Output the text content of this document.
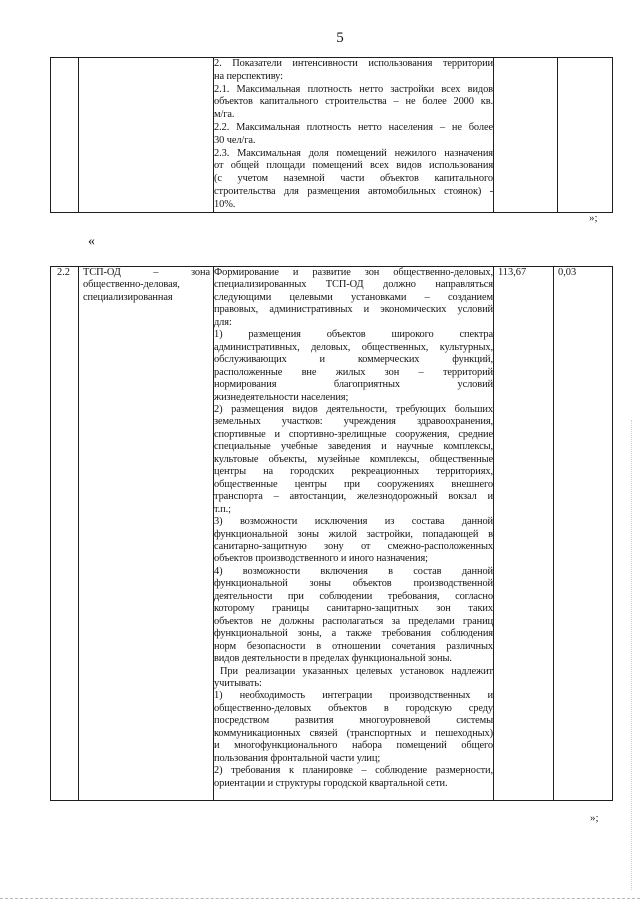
5

2. Показатели интенсивности использования территории
на перспективу:
2.1. Максимальная плотность нетто застройки всех видов
объектов капитального строительства – не более 2000 кв.
м/га.
2.2. Максимальная плотность нетто населения – не более
30 чел/га.
2.3. Максимальная доля помещений нежилого назначения
от общей площади помещений всех видов использования
(с учетом наземной части объектов капитального
строительства для размещения автомобильных стоянок) -
10%.

»;
«
2.2	ТСП-ОД – зона
общественно-деловая,
специализированная

Формирование и развитие зон общественно-деловых,
специализированных ТСП-ОД должно направляться
следующими целевыми установками – созданием
правовых, административных и экономических условий
для:
1) размещения объектов широкого спектра
административных, деловых, общественных, культурных,
обслуживающих и коммерческих функций,
расположенные вне жилых зон – территорий
нормирования благоприятных условий
жизнедеятельности населения;
2) размещения видов деятельности, требующих больших
земельных участков: учреждения здравоохранения,
спортивные и спортивно-зрелищные сооружения, средние
специальные учебные заведения и научные комплексы,
культовые объекты, музейные комплексы, общественные
центры на городских рекреационных территориях,
общественные центры при сооружениях внешнего
транспорта – автостанции, железнодорожный вокзал и
т.п.;
3) возможности исключения из состава данной
функциональной зоны жилой застройки, попадающей в
санитарно-защитную зону от смежно-расположенных
объектов производственного и иного назначения;
4) возможности включения в состав данной
функциональной зоны объектов производственной
деятельности при соблюдении требования, согласно
которому границы санитарно-защитных зон таких
объектов не должны располагаться за пределами границ
функциональной зоны, а также требования соблюдения
норм безопасности в отношении сочетания различных
видов деятельности в пределах функциональной зоны.
При реализации указанных целевых установок надлежит
учитывать:
1) необходимость интеграции производственных и
общественно-деловых объектов в городскую среду
посредством развития многоуровневой системы
коммуникационных связей (транспортных и пешеходных)
и многофункционального набора помещений общего
пользования фронтальной части улиц;
2) требования к планировке – соблюдение размерности,
ориентации и структуры городской квартальной сети.

113,67	0,03
»;
